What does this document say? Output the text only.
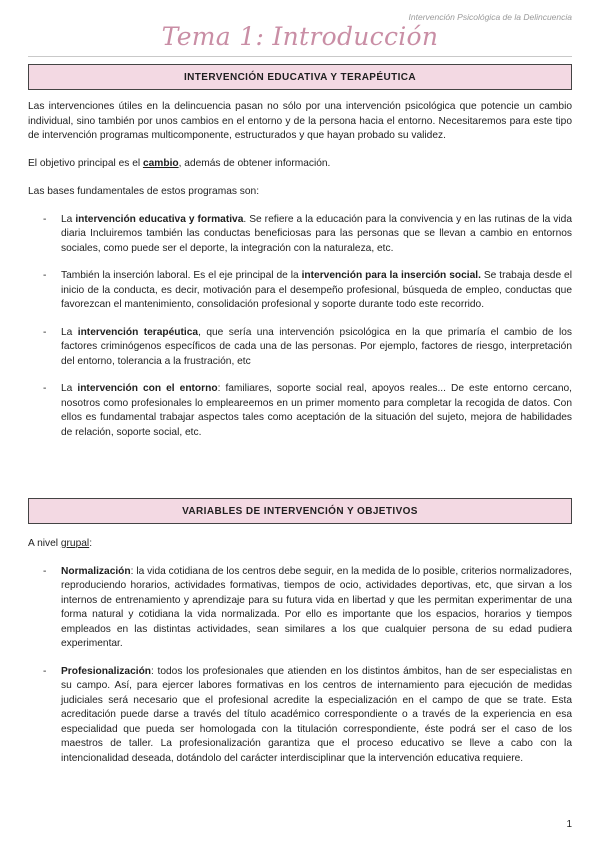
Intervención Psicológica de la Delincuencia
Tema 1: Introducción
INTERVENCIÓN EDUCATIVA Y TERAPÉUTICA

Las intervenciones útiles en la delincuencia pasan no sólo por una intervención psicológica que potencie un cambio individual, sino también por unos cambios en el entorno y de la persona hacia el entorno. Necesitaremos para este tipo de intervención programas multicomponente, estructurados y que hayan probado su validez.

El objetivo principal es el cambio, además de obtener información.

Las bases fundamentales de estos programas son:

- La intervención educativa y formativa. Se refiere a la educación para la convivencia y en las rutinas de la vida diaria Incluiremos también las conductas beneficiosas para las personas que se llevan a cambio en entornos sociales, como puede ser el deporte, la integración con la naturaleza, etc.
- También la inserción laboral. Es el eje principal de la intervención para la inserción social. Se trabaja desde el inicio de la conducta, es decir, motivación para el desempeño profesional, búsqueda de empleo, conductas que favorezcan el mantenimiento, consolidación profesional y soporte durante todo este recorrido.
- La intervención terapéutica, que sería una intervención psicológica en la que primaría el cambio de los factores criminógenos específicos de cada una de las personas. Por ejemplo, factores de riesgo, interpretación del entorno, tolerancia a la frustración, etc
- La intervención con el entorno: familiares, soporte social real, apoyos reales... De este entorno cercano, nosotros como profesionales lo empleareemos en un primer momento para completar la recogida de datos. Con ellos es fundamental trabajar aspectos tales como aceptación de la situación del sujeto, mejora de habilidades de relación, soporte social, etc.
VARIABLES DE INTERVENCIÓN Y OBJETIVOS

A nivel grupal:

- Normalización: la vida cotidiana de los centros debe seguir, en la medida de lo posible, criterios normalizadores, reproduciendo horarios, actividades formativas, tiempos de ocio, actividades deportivas, etc, que sirvan a los internos de entrenamiento y aprendizaje para su futura vida en libertad y que les permitan experimentar de una forma natural y cotidiana la vida normalizada. Por ello es importante que los espacios, horarios y tiempos empleados en las distintas actividades, sean similares a los que cualquier persona de su edad pudiera experimentar.
- Profesionalización: todos los profesionales que atienden en los distintos ámbitos, han de ser especialistas en su campo. Así, para ejercer labores formativas en los centros de internamiento para ejecución de medidas judiciales será necesario que el profesional acredite la especialización en el campo de que se trate. Esta acreditación puede darse a través del título académico correspondiente o a través de la experiencia en esa especialidad que pueda ser homologada con la titulación correspondiente, éste podrá ser el caso de los maestros de taller. La profesionalización garantiza que el proceso educativo se lleve a cabo con la intencionalidad deseada, dotándolo del carácter interdisciplinar que la intervención educativa requiere.
1
